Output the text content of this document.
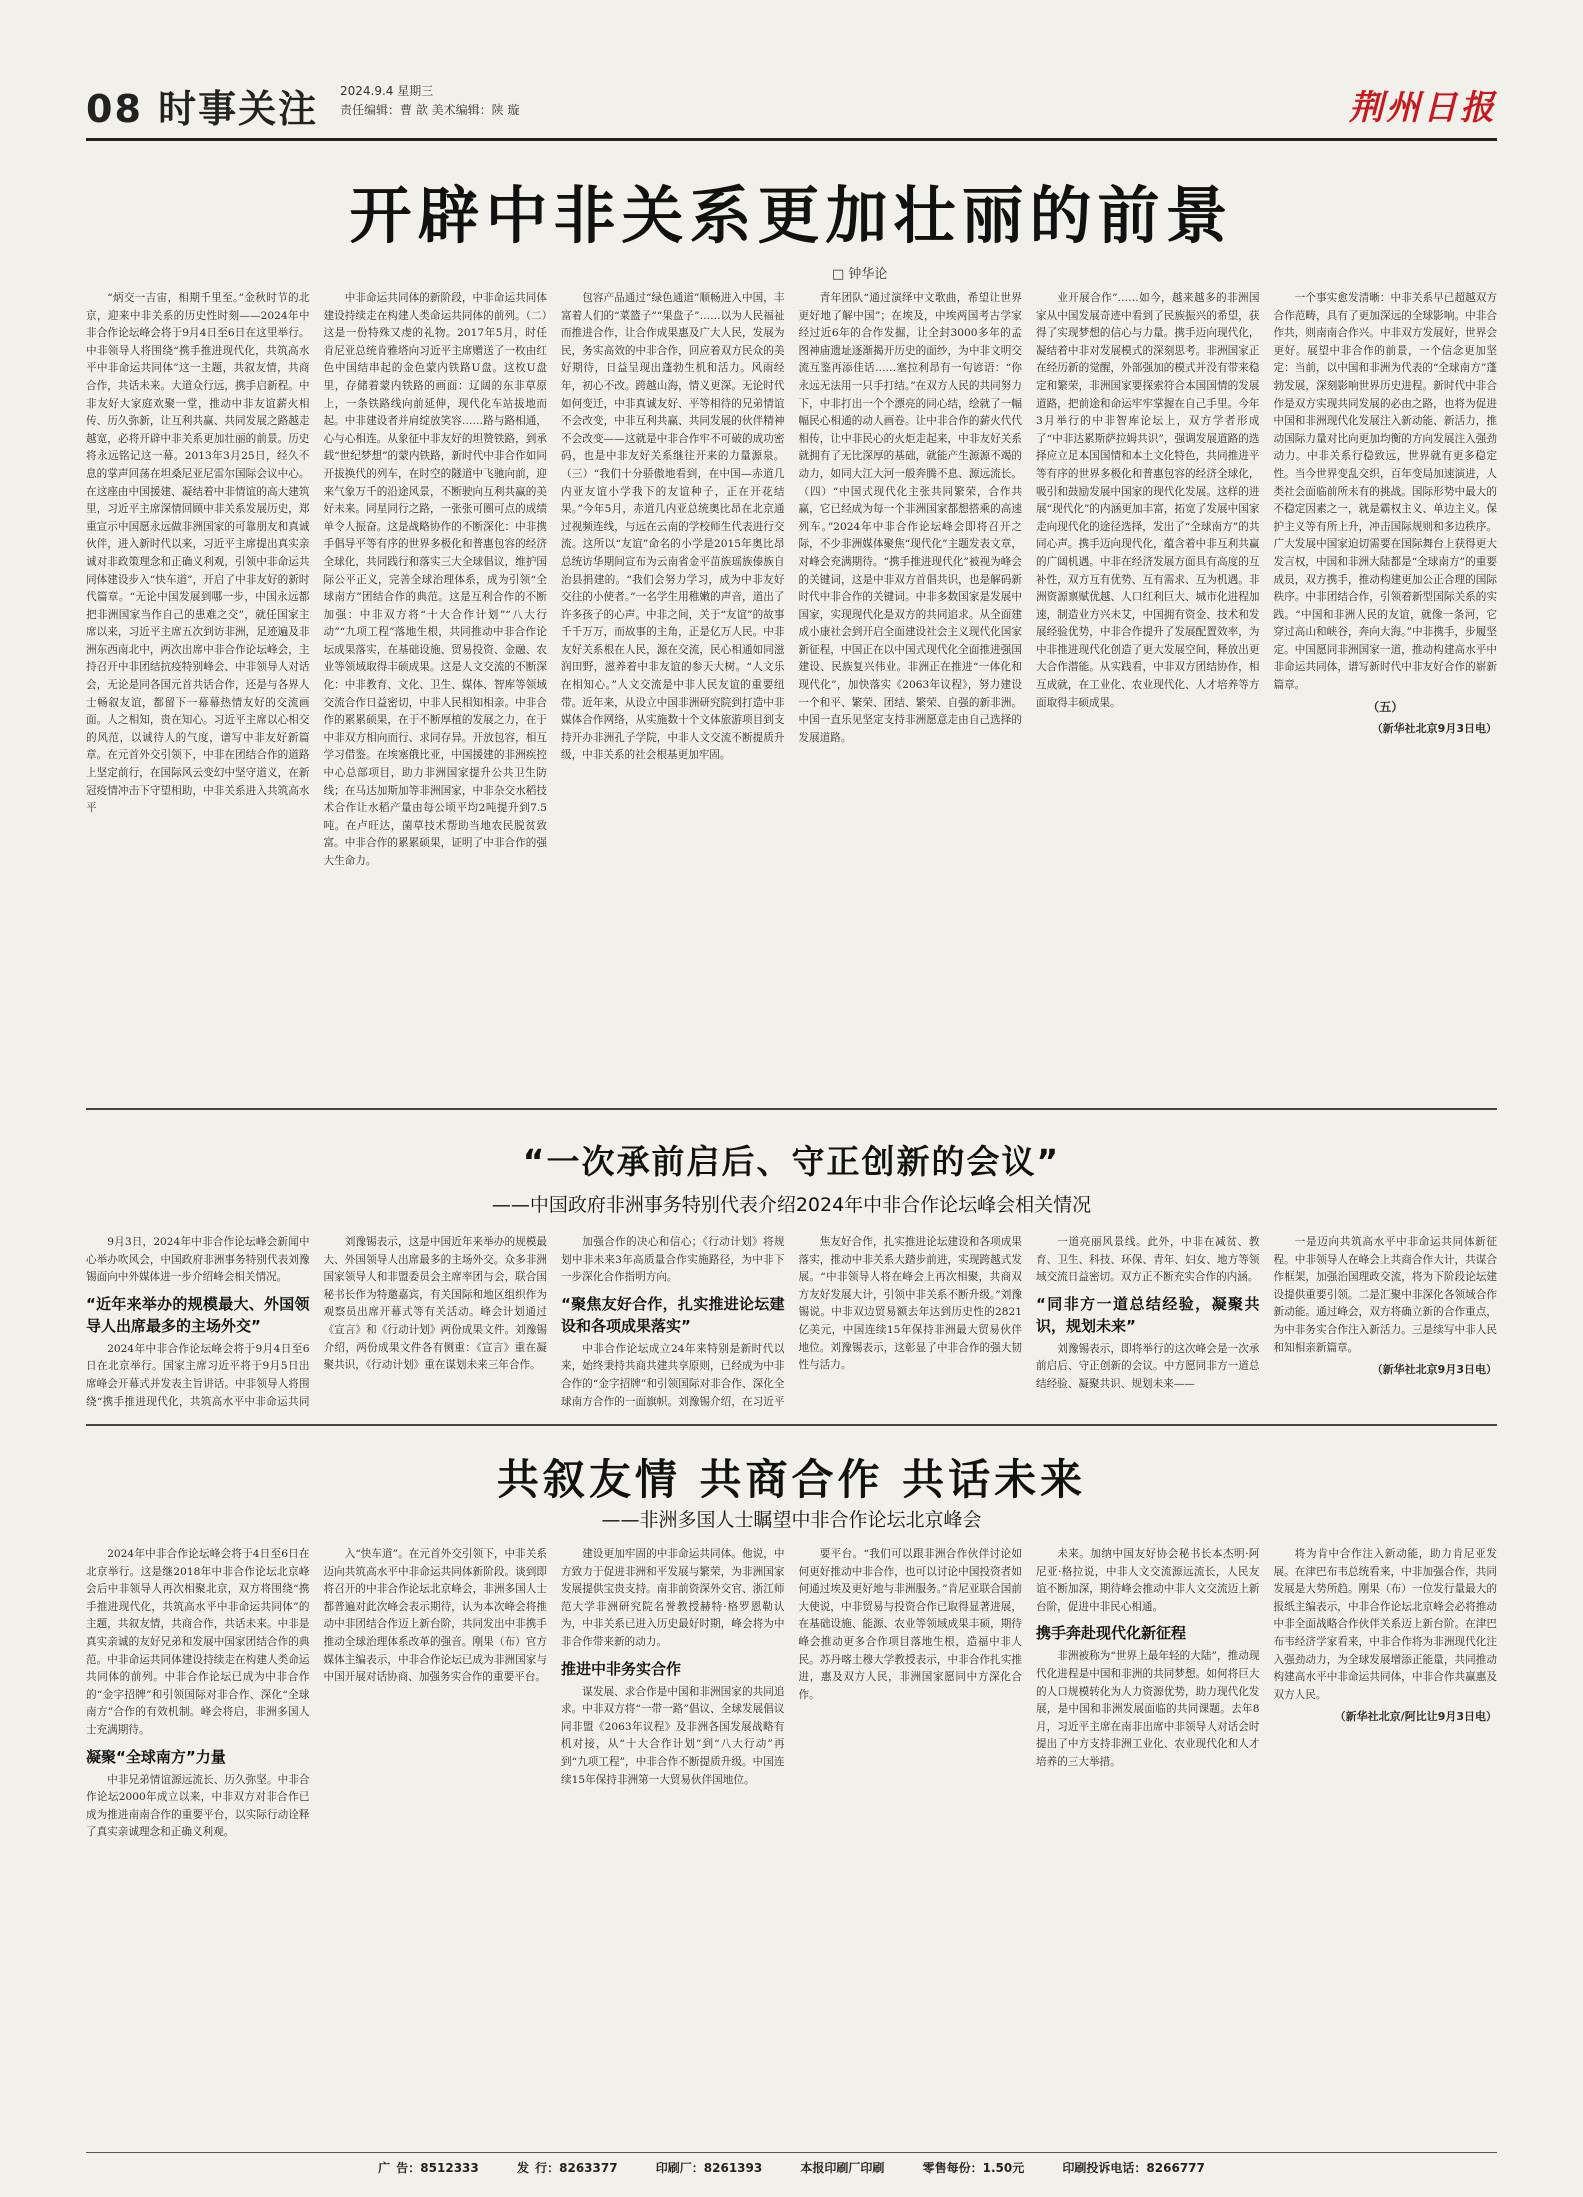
08 时事关注 2024.9.4 星期三
责任编辑：曹 歆 美术编辑：陕 璇	荆州日报
开辟中非关系更加壮丽的前景
□ 钟华论

“炳交一吉宙，相期千里至。”金秋时节的北京，迎来中非关系的历史性时刻——2024年中非合作论坛峰会将于9月4日至6日在这里举行。中非领导人将围绕“携手推进现代化，共筑高水平中非命运共同体”这一主题，共叙友情，共商合作，共话未来。大道众行远，携手启新程。中非友好大家庭欢聚一堂，推动中非友谊薪火相传、历久弥新，让互利共赢、共同发展之路越走越宽，必将开辟中非关系更加壮丽的前景。历史将永远铭记这一幕。2013年3月25日，经久不息的掌声回荡在坦桑尼亚尼雷尔国际会议中心。在这座由中国援建、凝结着中非情谊的高大建筑里，习近平主席深情回顾中非关系发展历史，郑重宣示中国愿永远做非洲国家的可靠朋友和真诚伙伴，进入新时代以来，习近平主席提出真实亲诚对非政策理念和正确义利观，引领中非命运共同体建设步入“快车道”，开启了中非友好的新时代篇章。“无论中国发展到哪一步，中国永远都把非洲国家当作自己的患难之交”，就任国家主席以来，习近平主席五次到访非洲，足迹遍及非洲东西南北中，两次出席中非合作论坛峰会，主持召开中非团结抗疫特别峰会、中非领导人对话会，无论是同各国元首共话合作，还是与各界人士畅叙友谊，都留下一幕幕热情友好的交流画面。人之相知，贵在知心。习近平主席以心相交的风范，以诚待人的气度，谱写中非友好新篇章。在元首外交引领下，中非在团结合作的道路上坚定前行，在国际风云变幻中坚守道义，在新冠疫情冲击下守望相助，中非关系进入共筑高水平

中非命运共同体的新阶段，中非命运共同体建设持续走在构建人类命运共同体的前列。（二）这是一份特殊又虔的礼物。2017年5月，时任肯尼亚总统肯雅塔向习近平主席赠送了一枚由红色中国结串起的金色蒙内铁路U盘。这枚U盘里，存储着蒙内铁路的画面：辽阔的东非草原上，一条铁路线向前延伸，现代化车站拔地而起。中非建设者并肩绽放笑容……路与路相通，心与心相连。从象征中非友好的坦赞铁路，到承载“世纪梦想”的蒙内铁路，新时代中非合作如同开拔换代的列车，在时空的隧道中飞驰向前，迎来气象万千的沿途风景，不断驶向互利共赢的美好未来。同星同行之路，一张张可圈可点的成绩单令人振奋。这是战略协作的不断深化：中非携手倡导平等有序的世界多极化和普惠包容的经济全球化，共同践行和落实三大全球倡议，维护国际公平正义，完善全球治理体系，成为引领“全球南方”团结合作的典范。这是互利合作的不断加强：中非双方将“十大合作计划”“八大行动”“九项工程”落地生根，共同推动中非合作论坛成果落实，在基础设施、贸易投资、金融、农业等领域取得丰硕成果。这是人文交流的不断深化：中非教育、文化、卫生、媒体、智库等领域交流合作日益密切，中非人民相知相亲。中非合作的累累硕果，在于不断厚植的发展之力，在于中非双方相向而行、求同存异。开放包容，相互学习借鉴。在埃塞俄比亚，中国援建的非洲疾控中心总部项目，助力非洲国家提升公共卫生防线；在马达加斯加等非洲国家，中非杂交水稻技术合作让水稻产量由每公顷平均2吨提升到7.5吨。在卢旺达，菌草技术帮助当地农民脱贫致富。中非合作的累累硕果，证明了中非合作的强大生命力。

包容产品通过“绿色通道”顺畅进入中国，丰富着人们的“菜篮子”“果盘子”……以为人民福祉而推进合作，让合作成果惠及广大人民，发展为民，务实高效的中非合作，回应着双方民众的美好期待，日益呈现出蓬勃生机和活力。风雨经年，初心不改。跨越山海，情义更深。无论时代如何变迁，中非真诚友好、平等相待的兄弟情谊不会改变，中非互利共赢、共同发展的伙伴精神不会改变——这就是中非合作牢不可破的成功密码，也是中非友好关系继往开来的力量源泉。（三）“我们十分骄傲地看到，在中国—赤道几内亚友谊小学我下的友谊种子，正在开花结果。”今年5月，赤道几内亚总统奥比昂在北京通过视频连线，与远在云南的学校师生代表进行交流。这所以“友谊”命名的小学是2015年奥比昂总统访华期间宣布为云南省金平苗族瑶族傣族自治县捐建的。“我们会努力学习，成为中非友好交往的小使者。”一名学生用稚嫩的声音，道出了许多孩子的心声。中非之间，关于“友谊”的故事千千万万，而故事的主角，正是亿万人民。中非友好关系根在人民，源在交流，民心相通如同滋润田野，滋养着中非友谊的参天大树。“人文乐在相知心。”人文交流是中非人民友谊的重要纽带。近年来，从设立中国非洲研究院到打造中非媒体合作网络，从实施数十个文体旅游项目到支持开办非洲孔子学院，中非人文交流不断提质升级，中非关系的社会根基更加牢固。

青年团队“通过演绎中文歌曲，希望让世界更好地了解中国”；在埃及，中埃两国考古学家经过近6年的合作发掘，让全封3000多年的孟图神庙遗址逐渐揭开历史的面纱，为中非文明交流互鉴再添佳话……塞拉利昂有一句谚语：“你永远无法用一只手打结。”在双方人民的共同努力下，中非打出一个个漂亮的同心结，绘就了一幅幅民心相通的动人画卷。让中非合作的薪火代代相传，让中非民心的火炬走起来，中非友好关系就拥有了无比深厚的基础，就能产生源源不竭的动力，如同大江大河一般奔腾不息、源远流长。（四）“中国式现代化主张共同繁荣，合作共赢，它已经成为每一个非洲国家都想搭乘的高速列车。”2024年中非合作论坛峰会即将召开之际，不少非洲媒体聚焦“现代化”主题发表文章，对峰会充满期待。“携手推进现代化”被视为峰会的关键词，这是中非双方首倡共识，也是解码新时代中非合作的关键词。中非多数国家是发展中国家，实现现代化是双方的共同追求。从全面建成小康社会到开启全面建设社会主义现代化国家新征程，中国正在以中国式现代化全面推进强国建设、民族复兴伟业。非洲正在推进“一体化和现代化”，加快落实《2063年议程》，努力建设一个和平、繁荣、团结、繁荣、自强的新非洲。中国一直乐见坚定支持非洲愿意走由自己选择的发展道路。

业开展合作”……如今，越来越多的非洲国家从中国发展奇迹中看到了民族振兴的希望，获得了实现梦想的信心与力量。携手迈向现代化，凝结着中非对发展模式的深刻思考。非洲国家正在经历新的觉醒，外部强加的模式并没有带来稳定和繁荣，非洲国家要探索符合本国国情的发展道路，把前途和命运牢牢掌握在自己手里。今年3月举行的中非智库论坛上，双方学者形成了“中非达累斯萨拉姆共识”，强调发展道路的选择应立足本国国情和本土文化特色，共同推进平等有序的世界多极化和普惠包容的经济全球化，吸引和鼓励发展中国家的现代化发展。这样的进展“现代化”的内涵更加丰富，拓宽了发展中国家走向现代化的途径选择，发出了“全球南方”的共同心声。携手迈向现代化，蕴含着中非互利共赢的广阔机遇。中非在经济发展方面具有高度的互补性，双方互有优势、互有需求、互为机遇。非洲资源禀赋优越、人口红利巨大、城市化进程加速，制造业方兴未艾，中国拥有资金、技术和发展经验优势，中非合作提升了发展配置效率，为中非推进现代化创造了更大发展空间，释放出更大合作潜能。从实践看，中非双方团结协作，相互成就，在工业化、农业现代化、人才培养等方面取得丰硕成果。

一个事实愈发清晰：中非关系早已超越双方合作范畴，具有了更加深远的全球影响。中非合作共，则南南合作兴。中非双方发展好，世界会更好。展望中非合作的前景，一个信念更加坚定：当前，以中国和非洲为代表的“全球南方”蓬勃发展，深刻影响世界历史进程。新时代中非合作是双方实现共同发展的必由之路，也将为促进中国和非洲现代化发展注入新动能、新活力，推动国际力量对比向更加均衡的方向发展注入强劲动力。中非关系行稳致远，世界就有更多稳定性。当今世界变乱交织，百年变局加速演进，人类社会面临前所未有的挑战。国际形势中最大的不稳定因素之一，就是霸权主义、单边主义。保护主义等有所上升，冲击国际规则和多边秩序。广大发展中国家迫切需要在国际舞台上获得更大发言权，中国和非洲大陆都是“全球南方”的重要成员，双方携手，推动构建更加公正合理的国际秩序。中非团结合作，引领着新型国际关系的实践。“中国和非洲人民的友谊，就像一条河，它穿过高山和峡谷，奔向大海。”中非携手，步履坚定。中国愿同非洲国家一道，推动构建高水平中非命运共同体，谱写新时代中非友好合作的崭新篇章。

（五）
（新华社北京9月3日电）
“一次承前启后、守正创新的会议”
——中国政府非洲事务特别代表介绍2024年中非合作论坛峰会相关情况

9月3日，2024年中非合作论坛峰会新闻中心举办吹风会，中国政府非洲事务特别代表刘豫锡面向中外媒体进一步介绍峰会相关情况。

“近年来举办的规模最大、外国领导人出席最多的主场外交”

2024年中非合作论坛峰会将于9月4日至6日在北京举行。国家主席习近平将于9月5日出席峰会开幕式并发表主旨讲话。中非领导人将围绕“携手推进现代化，共筑高水平中非命运共同

刘豫锡表示，这是中国近年来举办的规模最大、外国领导人出席最多的主场外交。众多非洲国家领导人和非盟委员会主席率团与会，联合国秘书长作为特邀嘉宾，有关国际和地区组织作为观察员出席开幕式等有关活动。峰会计划通过《宣言》和《行动计划》两份成果文件。刘豫锡介绍，两份成果文件各有侧重：《宣言》重在凝聚共识，《行动计划》重在谋划未来三年合作。

加强合作的决心和信心；《行动计划》将规划中非未来3年高质量合作实施路径，为中非下一步深化合作指明方向。

“聚焦友好合作，扎实推进论坛建设和各项成果落实”

中非合作论坛成立24年来特别是新时代以来，始终秉持共商共建共享原则，已经成为中非合作的“金字招牌”和引领国际对非合作、深化全球南方合作的一面旗帜。刘豫锡介绍，在习近平

焦友好合作，扎实推进论坛建设和各项成果落实，推动中非关系大踏步前进，实现跨越式发展。“中非领导人将在峰会上再次相聚，共商双方友好发展大计，引领中非关系不断升级。”刘豫锡说。中非双边贸易额去年达到历史性的2821亿美元，中国连续15年保持非洲最大贸易伙伴地位。刘豫锡表示，这彰显了中非合作的强大韧性与活力。

一道亮丽风景线。此外，中非在减贫、教育、卫生、科技、环保、青年、妇女、地方等领域交流日益密切。双方正不断充实合作的内涵。

“同非方一道总结经验，凝聚共识，规划未来”

刘豫锡表示，即将举行的这次峰会是一次承前启后、守正创新的会议。中方愿同非方一道总结经验、凝聚共识、规划未来——

一是迈向共筑高水平中非命运共同体新征程。中非领导人在峰会上共商合作大计，共谋合作框架，加强治国理政交流，将为下阶段论坛建设提供重要引领。二是汇聚中非深化各领域合作新动能。通过峰会，双方将确立新的合作重点，为中非务实合作注入新活力。三是续写中非人民和知相亲新篇章。

（新华社北京9月3日电）
共叙友情 共商合作 共话未来
——非洲多国人士瞩望中非合作论坛北京峰会

2024年中非合作论坛峰会将于4日至6日在北京举行。这是继2018年中非合作论坛北京峰会后中非领导人再次相聚北京，双方将围绕“携手推进现代化，共筑高水平中非命运共同体”的主题，共叙友情，共商合作，共话未来。中非是真实亲诚的友好兄弟和发展中国家团结合作的典范。中非命运共同体建设持续走在构建人类命运共同体的前列。中非合作论坛已成为中非合作的“金字招牌”和引领国际对非合作、深化“全球南方”合作的有效机制。峰会将启，非洲多国人士充满期待。

凝聚“全球南方”力量

中非兄弟情谊源远流长、历久弥坚。中非合作论坛2000年成立以来，中非双方对非合作已成为推进南南合作的重要平台，以实际行动诠释了真实亲诚理念和正确义利观。

入“快车道”。在元首外交引领下，中非关系迈向共筑高水平中非命运共同体新阶段。谈到即将召开的中非合作论坛北京峰会，非洲多国人士都普遍对此次峰会表示期待，认为本次峰会将推动中非团结合作迈上新台阶，共同发出中非携手推动全球治理体系改革的强音。刚果（布）官方媒体主编表示，中非合作论坛已成为非洲国家与中国开展对话协商、加强务实合作的重要平台。

建设更加牢固的中非命运共同体。他说，中方致力于促进非洲和平发展与繁荣，为非洲国家发展提供宝贵支持。南非前资深外交官、浙江师范大学非洲研究院名誉教授赫特·格罗恩勒认为，中非关系已进入历史最好时期，峰会将为中非合作带来新的动力。

推进中非务实合作

谋发展、求合作是中国和非洲国家的共同追求。中非双方将“一带一路”倡议、全球发展倡议同非盟《2063年议程》及非洲各国发展战略有机对接，从“十大合作计划”到“八大行动”再到“九项工程”，中非合作不断提质升级。中国连续15年保持非洲第一大贸易伙伴国地位。

要平台。“我们可以跟非洲合作伙伴讨论如何更好推动中非合作，也可以讨论中国投资者如何通过埃及更好地与非洲服务。”肯尼亚联合国前大使说，中非贸易与投资合作已取得显著进展，在基础设施、能源、农业等领域成果丰硕，期待峰会推动更多合作项目落地生根，造福中非人民。苏丹喀土穆大学教授表示，中非合作扎实推进，惠及双方人民，非洲国家愿同中方深化合作。

未来。加纳中国友好协会秘书长本杰明·阿尼亚·格拉说，中非人文交流源远流长，人民友谊不断加深，期待峰会推动中非人文交流迈上新台阶，促进中非民心相通。

携手奔赴现代化新征程

非洲被称为“世界上最年轻的大陆”，推动现代化进程是中国和非洲的共同梦想。如何将巨大的人口规模转化为人力资源优势，助力现代化发展，是中国和非洲发展面临的共同课题。去年8月，习近平主席在南非出席中非领导人对话会时提出了中方支持非洲工业化、农业现代化和人才培养的三大举措。

将为肯中合作注入新动能，助力肯尼亚发展。在津巴布韦总统看来，中非加强合作，共同发展是大势所趋。刚果（布）一位发行量最大的报纸主编表示，中非合作论坛北京峰会必将推动中非全面战略合作伙伴关系迈上新台阶。在津巴布韦经济学家看来，中非合作将为非洲现代化注入强劲动力，为全球发展增添正能量，共同推动构建高水平中非命运共同体，中非合作共赢惠及双方人民。

（新华社北京/阿比让9月3日电）
广 告：8512333	发 行：8263377	印刷厂：8261393	本报印刷厂印刷	零售每份：1.50元	印刷投诉电话：8266777
